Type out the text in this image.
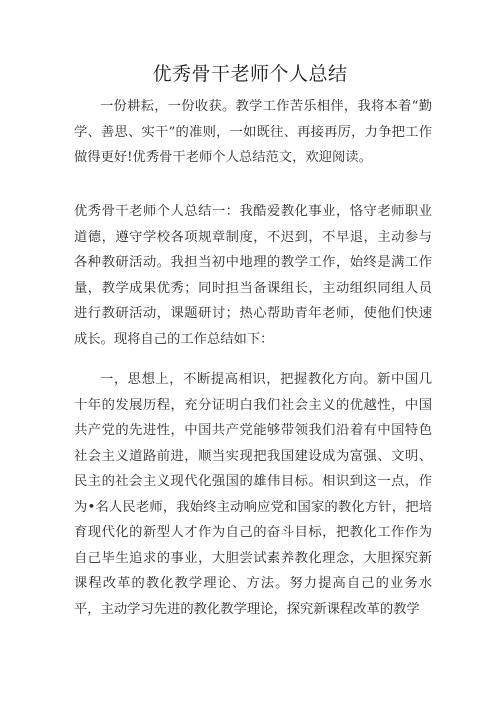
优秀骨干老师个人总结
一份耕耘，一份收获。教学工作苦乐相伴，我将本着“勤学、善思、实干”的准则，一如既往、再接再厉，力争把工作做得更好!优秀骨干老师个人总结范文，欢迎阅读。
优秀骨干老师个人总结一：我酷爱教化事业，恪守老师职业道德，遵守学校各项规章制度，不迟到，不早退，主动参与各种教研活动。我担当初中地理的教学工作，始终是满工作量，教学成果优秀；同时担当备课组长，主动组织同组人员进行教研活动，课题研讨；热心帮助青年老师，使他们快速成长。现将自己的工作总结如下：
一，思想上，不断提高相识，把握教化方向。新中国几十年的发展历程，充分证明白我们社会主义的优越性，中国共产党的先进性，中国共产党能够带领我们沿着有中国特色社会主义道路前进，顺当实现把我国建设成为富强、文明、民主的社会主义现代化强国的雄伟目标。相识到这一点，作为•名人民老师，我始终主动响应党和国家的教化方针，把培育现代化的新型人才作为自己的奋斗目标，把教化工作作为自己毕生追求的事业，大胆尝试素养教化理念，大胆探究新课程改革的教化教学理论、方法。努力提高自己的业务水平，主动学习先进的教化教学理论，探究新课程改革的教学
